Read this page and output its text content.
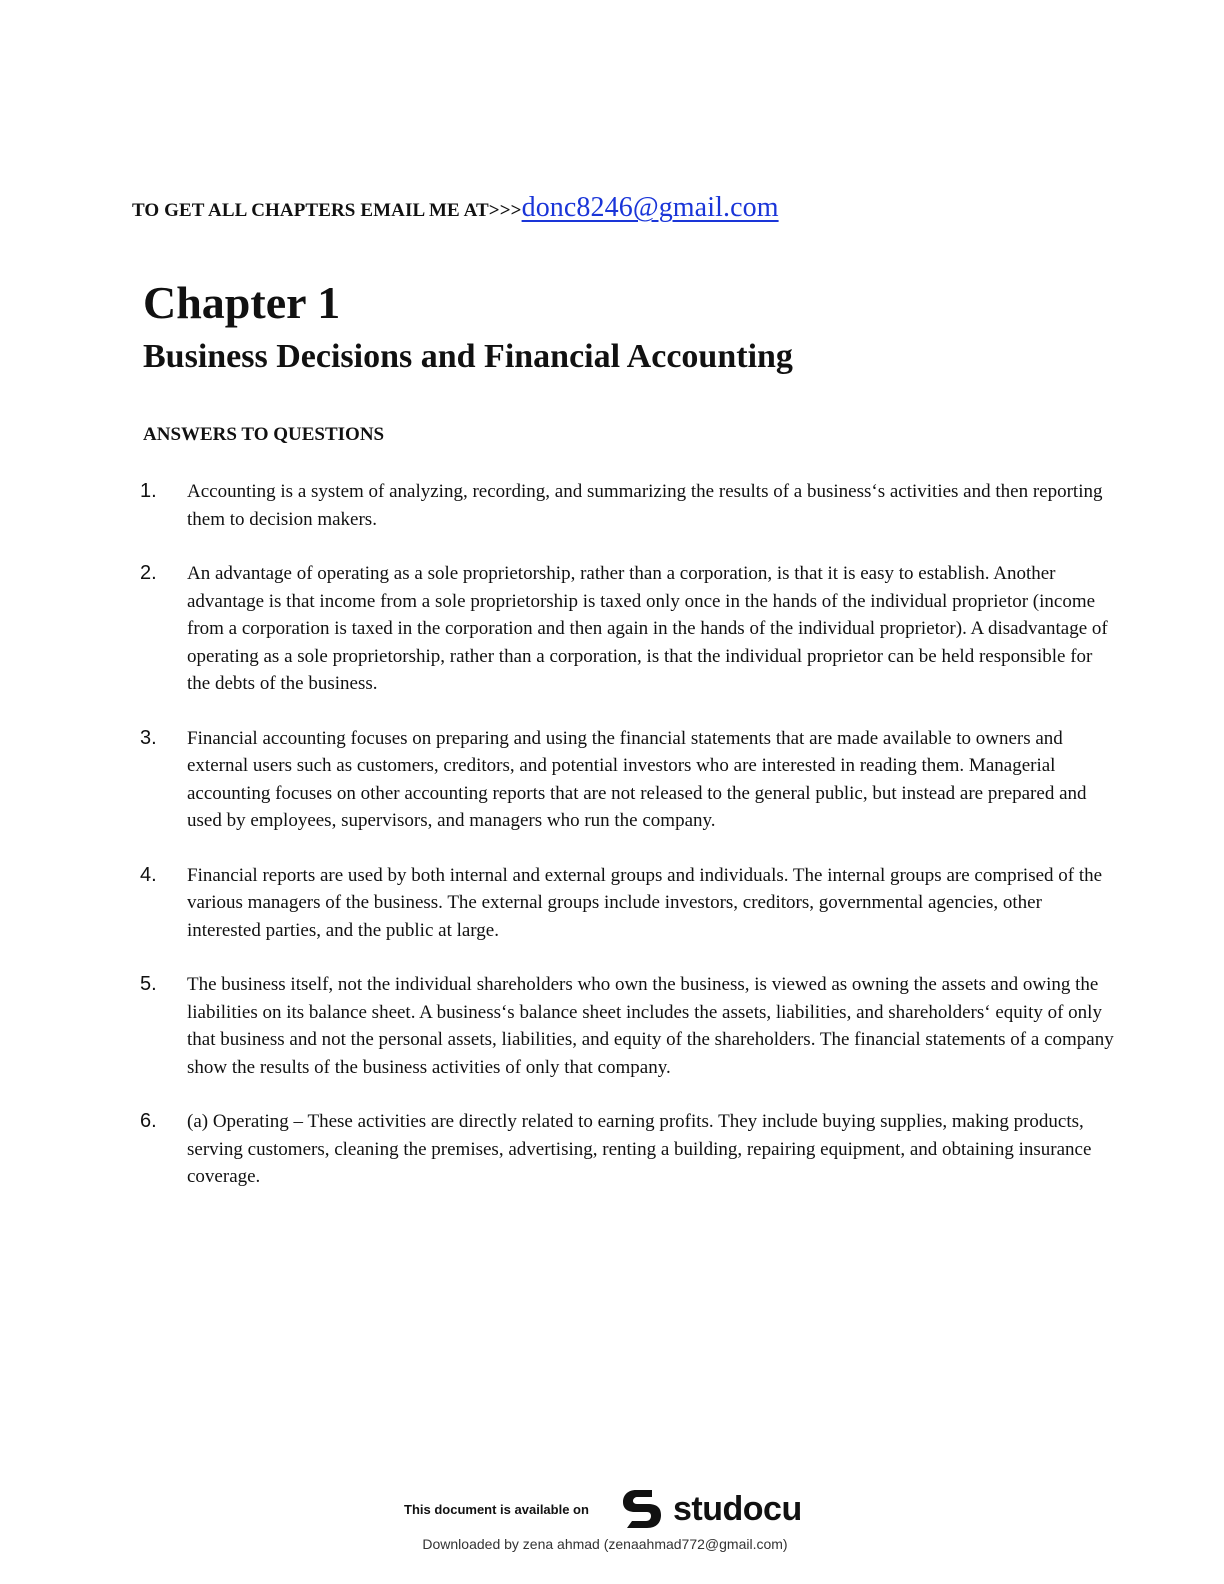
TO GET ALL CHAPTERS EMAIL ME AT>>>donc8246@gmail.com
Chapter 1
Business Decisions and Financial Accounting
ANSWERS TO QUESTIONS
1.	Accounting is a system of analyzing, recording, and summarizing the results of a business‘s activities and then reporting them to decision makers.

2.	An advantage of operating as a sole proprietorship, rather than a corporation, is that it is easy to establish. Another advantage is that income from a sole proprietorship is taxed only once in the hands of the individual proprietor (income from a corporation is taxed in the corporation and then again in the hands of the individual proprietor). A disadvantage of operating as a sole proprietorship, rather than a corporation, is that the individual proprietor can be held responsible for the debts of the business.

3.	Financial accounting focuses on preparing and using the financial statements that are made available to owners and external users such as customers, creditors, and potential investors who are interested in reading them. Managerial accounting focuses on other accounting reports that are not released to the general public, but instead are prepared and used by employees, supervisors, and managers who run the company.

4.	Financial reports are used by both internal and external groups and individuals. The internal groups are comprised of the various managers of the business. The external groups include investors, creditors, governmental agencies, other interested parties, and the public at large.

5.	The business itself, not the individual shareholders who own the business, is viewed as owning the assets and owing the liabilities on its balance sheet. A business‘s balance sheet includes the assets, liabilities, and shareholders‘ equity of only that business and not the personal assets, liabilities, and equity of the shareholders. The financial statements of a company show the results of the business activities of only that company.

6.	(a) Operating – These activities are directly related to earning profits. They include buying supplies, making products, serving customers, cleaning the premises, advertising, renting a building, repairing equipment, and obtaining insurance coverage.

This document is available on studocu
Downloaded by zena ahmad (zenaahmad772@gmail.com)
